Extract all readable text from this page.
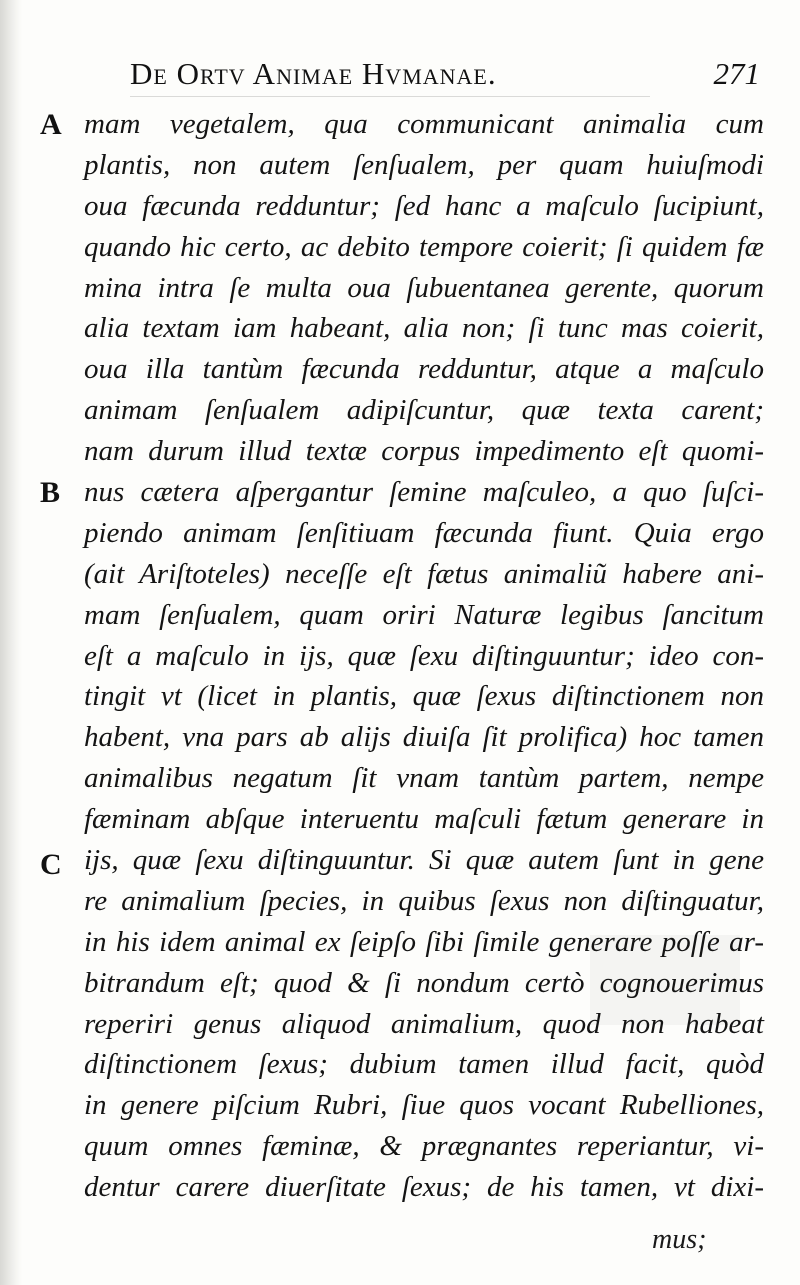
De Ortv Animae Hvmanae.	271
A
B
C
mam vegetalem, qua communicant animalia cum
plantis, non autem ſenſualem, per quam huiuſmodi
oua fæcunda redduntur; ſed hanc a maſculo ſucipiunt,
quando hic certo, ac debito tempore coierit; ſi quidem fæ
mina intra ſe multa oua ſubuentanea gerente, quorum
alia textam iam habeant, alia non; ſi tunc mas coierit,
oua illa tantùm fæcunda redduntur, atque a maſculo
animam ſenſualem adipiſcuntur, quæ texta carent;
nam durum illud textæ corpus impedimento eſt quomi-
nus cætera aſpergantur ſemine maſculeo, a quo ſuſci-
piendo animam ſenſitiuam fæcunda fiunt. Quia ergo
(ait Ariſtoteles) neceſſe eſt fætus animaliũ habere ani-
mam ſenſualem, quam oriri Naturæ legibus ſancitum
eſt a maſculo in ijs, quæ ſexu diſtinguuntur; ideo con-
tingit vt (licet in plantis, quæ ſexus diſtinctionem non
habent, vna pars ab alijs diuiſa ſit prolifica) hoc tamen
animalibus negatum ſit vnam tantùm partem, nempe
fæminam abſque interuentu maſculi fætum generare in
ijs, quæ ſexu diſtinguuntur. Si quæ autem ſunt in gene
re animalium ſpecies, in quibus ſexus non diſtinguatur,
in his idem animal ex ſeipſo ſibi ſimile generare poſſe ar-
bitrandum eſt; quod & ſi nondum certò cognouerimus
reperiri genus aliquod animalium, quod non habeat
diſtinctionem ſexus; dubium tamen illud facit, quòd
in genere piſcium Rubri, ſiue quos vocant Rubelliones,
quum omnes fæminæ, & prægnantes reperiantur, vi-
dentur carere diuerſitate ſexus; de his tamen, vt dixi-
mus;
